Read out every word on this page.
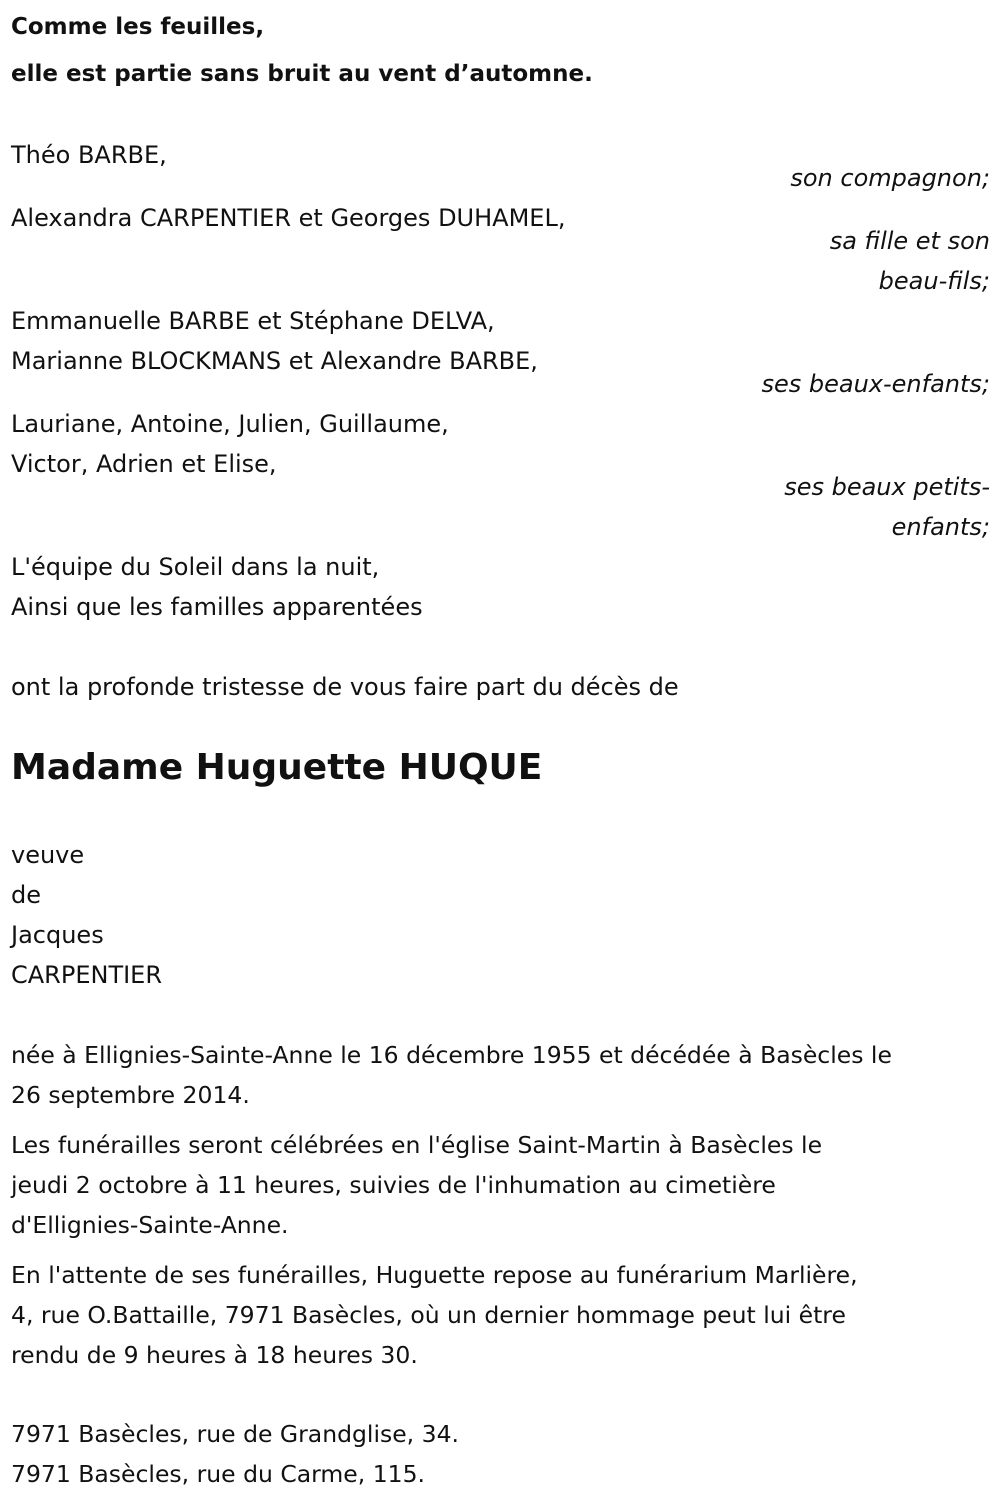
Comme les feuilles,
elle est partie sans bruit au vent d’automne.
Théo BARBE,
son compagnon;
Alexandra CARPENTIER et Georges DUHAMEL,
sa fille et son
beau-fils;
Emmanuelle BARBE et Stéphane DELVA,
Marianne BLOCKMANS et Alexandre BARBE,
ses beaux-enfants;
Lauriane, Antoine, Julien, Guillaume,
Victor, Adrien et Elise,
ses beaux petits-
enfants;
L'équipe du Soleil dans la nuit,
Ainsi que les familles apparentées
ont la profonde tristesse de vous faire part du décès de
Madame Huguette HUQUE
veuve
de
Jacques
CARPENTIER
née à Ellignies-Sainte-Anne le 16 décembre 1955 et décédée à Basècles le
26 septembre 2014.
Les funérailles seront célébrées en l'église Saint-Martin à Basècles le
jeudi 2 octobre à 11 heures, suivies de l'inhumation au cimetière
d'Ellignies-Sainte-Anne.
En l'attente de ses funérailles, Huguette repose au funérarium Marlière,
4, rue O.Battaille, 7971 Basècles, où un dernier hommage peut lui être
rendu de 9 heures à 18 heures 30.
7971 Basècles, rue de Grandglise, 34.
7971 Basècles, rue du Carme, 115.
